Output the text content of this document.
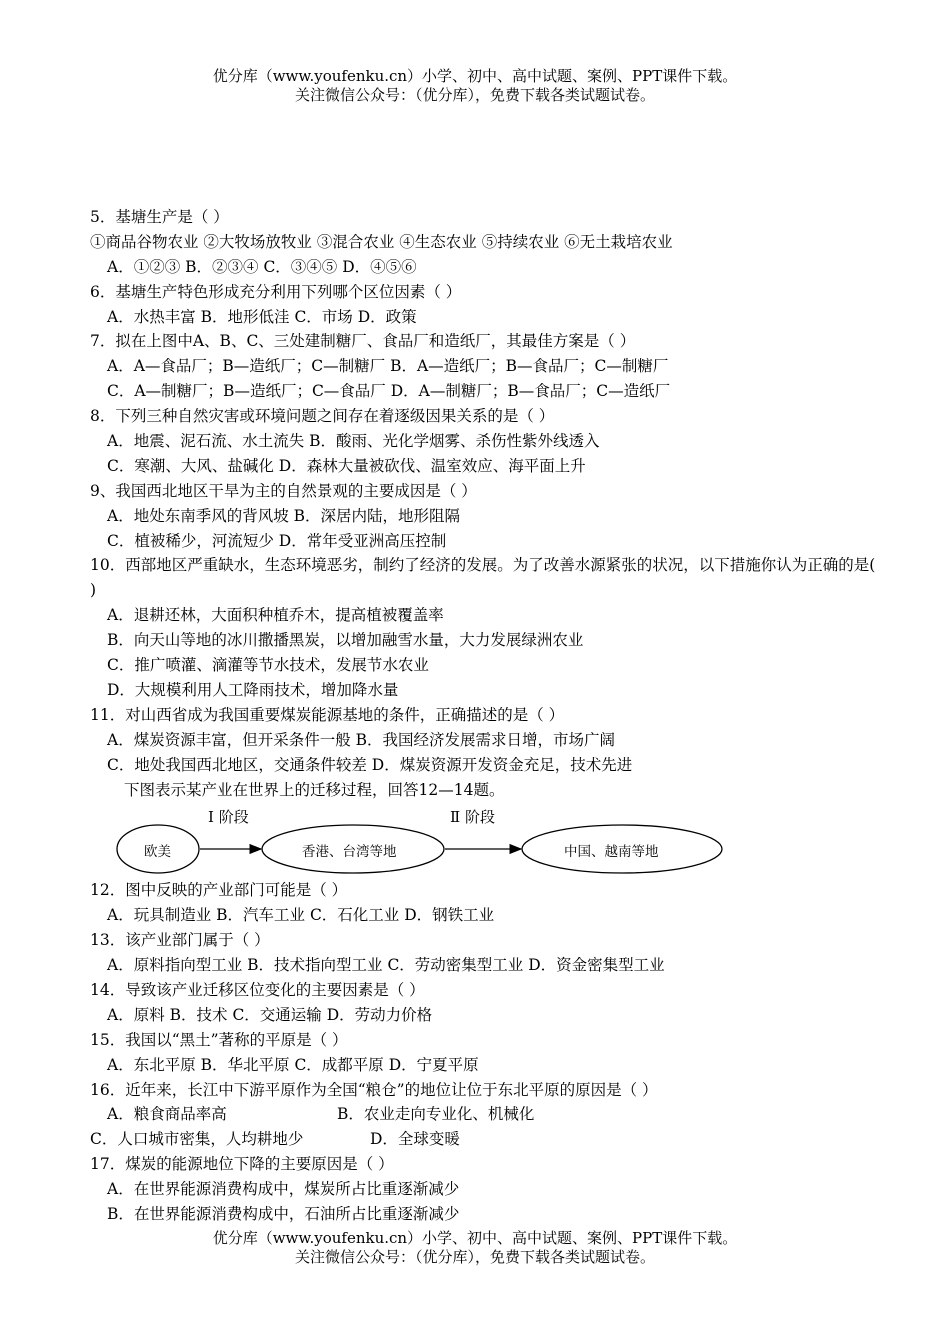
优分库（www.youfenku.cn）小学、初中、高中试题、案例、PPT课件下载。
关注微信公众号：（优分库），免费下载各类试题试卷。
5．基塘生产是（ ）
①商品谷物农业 ②大牧场放牧业 ③混合农业 ④生态农业 ⑤持续农业 ⑥无土栽培农业
A．①②③ B．②③④ C．③④⑤ D．④⑤⑥
6．基塘生产特色形成充分利用下列哪个区位因素（ ）
A．水热丰富 B．地形低洼 C．市场 D．政策
7．拟在上图中A、B、C、三处建制糖厂、食品厂和造纸厂，其最佳方案是（ ）
A．A—食品厂；B—造纸厂；C—制糖厂 B．A—造纸厂；B—食品厂；C—制糖厂
C．A—制糖厂；B—造纸厂；C—食品厂 D．A—制糖厂；B—食品厂；C—造纸厂
8．下列三种自然灾害或环境问题之间存在着逐级因果关系的是（ ）
A．地震、泥石流、水土流失 B．酸雨、光化学烟雾、杀伤性紫外线透入
C．寒潮、大风、盐碱化 D．森林大量被砍伐、温室效应、海平面上升
9、我国西北地区干旱为主的自然景观的主要成因是（ ）
A．地处东南季风的背风坡 B．深居内陆，地形阻隔
C．植被稀少，河流短少 D．常年受亚洲高压控制
10．西部地区严重缺水，生态环境恶劣，制约了经济的发展。为了改善水源紧张的状况，以下措施你认为正确的是( )
A．退耕还林，大面积种植乔木，提高植被覆盖率
B．向天山等地的冰川撒播黑炭，以增加融雪水量，大力发展绿洲农业
C．推广喷灌、滴灌等节水技术，发展节水农业
D．大规模利用人工降雨技术，增加降水量
11．对山西省成为我国重要煤炭能源基地的条件，正确描述的是（ ）
A．煤炭资源丰富，但开采条件一般 B．我国经济发展需求日增，市场广阔
C．地处我国西北地区，交通条件较差 D．煤炭资源开发资金充足，技术先进
下图表示某产业在世界上的迁移过程，回答12—14题。
Ⅰ 阶段	Ⅱ 阶段
欧美	香港、台湾等地	中国、越南等地
12．图中反映的产业部门可能是（ ）
A．玩具制造业 B．汽车工业 C．石化工业 D．钢铁工业
13．该产业部门属于（ ）
A．原料指向型工业 B．技术指向型工业 C．劳动密集型工业 D．资金密集型工业
14．导致该产业迁移区位变化的主要因素是（ ）
A．原料 B．技术 C．交通运输 D．劳动力价格
15．我国以“黑土”著称的平原是（ ）
A．东北平原 B．华北平原 C．成都平原 D．宁夏平原
16．近年来，长江中下游平原作为全国“粮仓”的地位让位于东北平原的原因是（ ）
A．粮食商品率高	B．农业走向专业化、机械化
C．人口城市密集，人均耕地少	D．全球变暖
17．煤炭的能源地位下降的主要原因是（ ）
A．在世界能源消费构成中，煤炭所占比重逐渐减少
B．在世界能源消费构成中，石油所占比重逐渐减少
优分库（www.youfenku.cn）小学、初中、高中试题、案例、PPT课件下载。
关注微信公众号：（优分库），免费下载各类试题试卷。
